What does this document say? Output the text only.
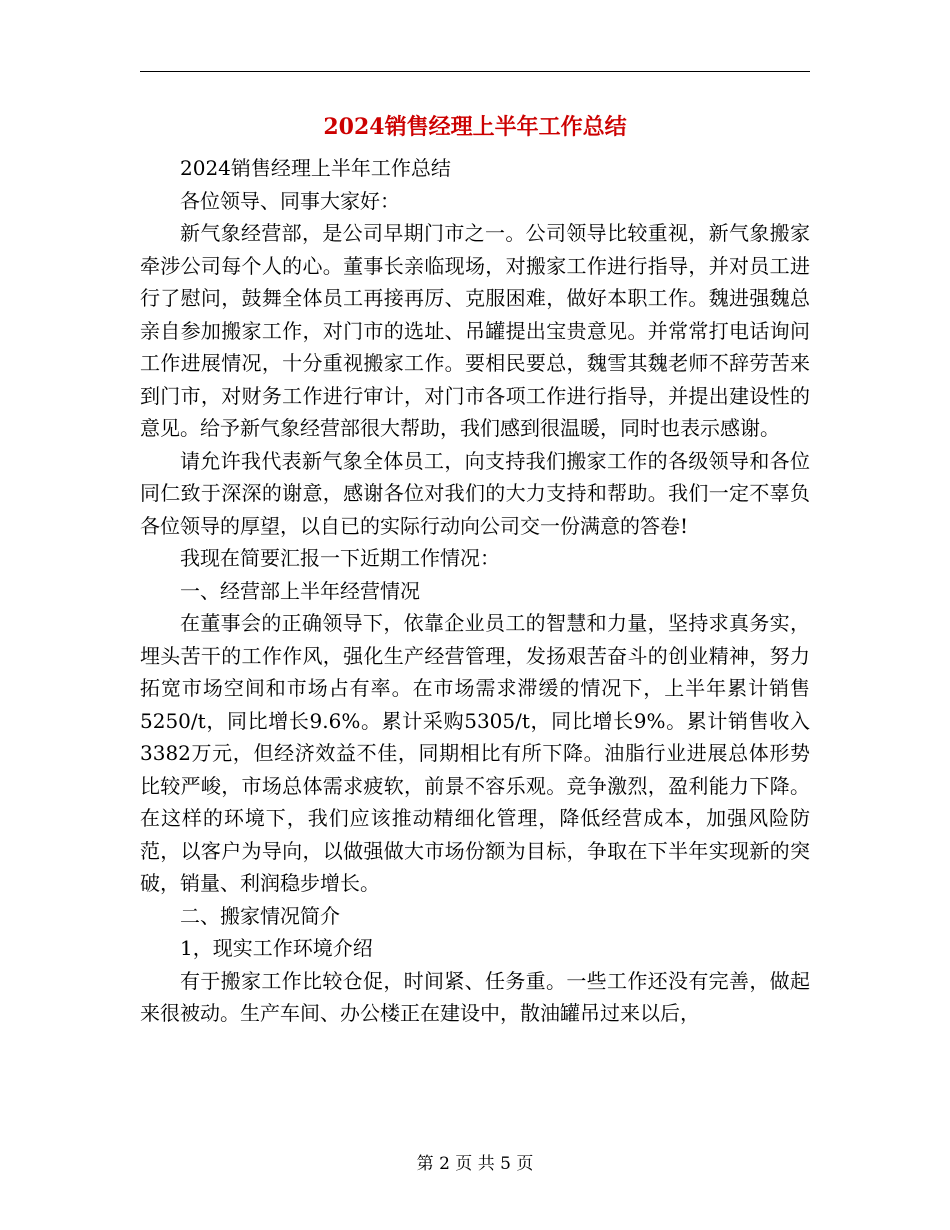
2024销售经理上半年工作总结

2024销售经理上半年工作总结

各位领导、同事大家好：

新气象经营部，是公司早期门市之一。公司领导比较重视，新气象搬家牵涉公司每个人的心。董事长亲临现场，对搬家工作进行指导，并对员工进行了慰问，鼓舞全体员工再接再厉、克服困难，做好本职工作。魏进强魏总亲自参加搬家工作，对门市的选址、吊罐提出宝贵意见。并常常打电话询问工作进展情况，十分重视搬家工作。要相民要总，魏雪其魏老师不辞劳苦来到门市，对财务工作进行审计，对门市各项工作进行指导，并提出建设性的意见。给予新气象经营部很大帮助，我们感到很温暖，同时也表示感谢。

请允许我代表新气象全体员工，向支持我们搬家工作的各级领导和各位同仁致于深深的谢意，感谢各位对我们的大力支持和帮助。我们一定不辜负各位领导的厚望，以自已的实际行动向公司交一份满意的答卷!

我现在简要汇报一下近期工作情况：

一、经营部上半年经营情况

在董事会的正确领导下，依靠企业员工的智慧和力量，坚持求真务实，埋头苦干的工作作风，强化生产经营管理，发扬艰苦奋斗的创业精神，努力拓宽市场空间和市场占有率。在市场需求滞缓的情况下，上半年累计销售5250/t，同比增长9.6%。累计采购5305/t，同比增长9%。累计销售收入3382万元，但经济效益不佳，同期相比有所下降。油脂行业进展总体形势比较严峻，市场总体需求疲软，前景不容乐观。竞争激烈，盈利能力下降。在这样的环境下，我们应该推动精细化管理，降低经营成本，加强风险防范，以客户为导向，以做强做大市场份额为目标，争取在下半年实现新的突破，销量、利润稳步增长。

二、搬家情况简介

1，现实工作环境介绍

有于搬家工作比较仓促，时间紧、任务重。一些工作还没有完善，做起来很被动。生产车间、办公楼正在建设中，散油罐吊过来以后，

第 2 页 共 5 页
